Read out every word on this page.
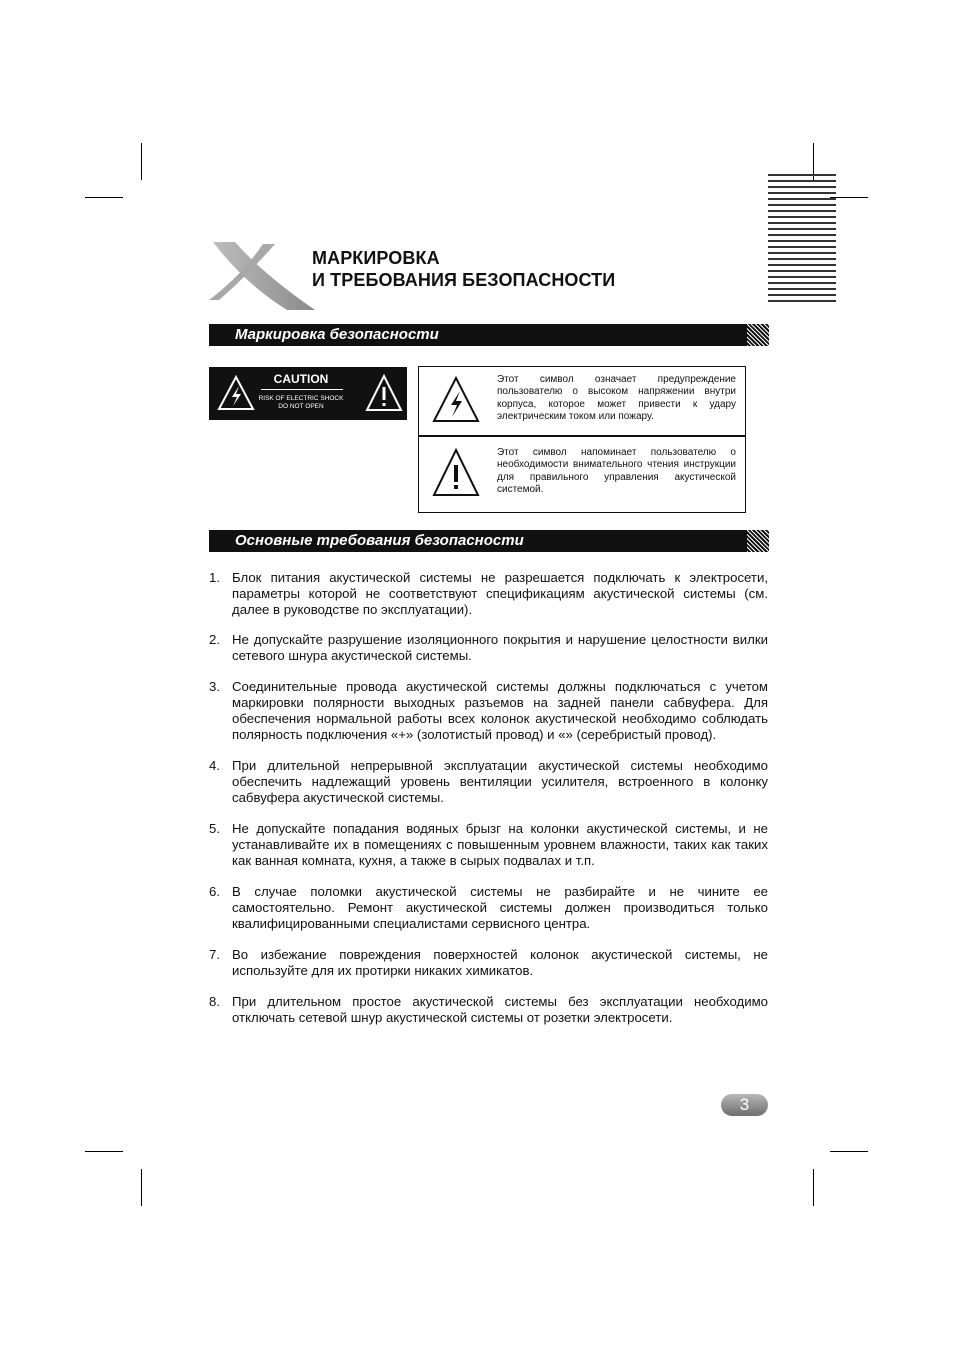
МАРКИРОВКА
И ТРЕБОВАНИЯ БЕЗОПАСНОСТИ
Маркировка безопасности
CAUTION
RISK OF ELECTRIC SHOCK
DO NOT OPEN
Этот символ означает предупреждение пользователю о высоком напряжении внутри корпуса, которое может привести к удару электрическим током или пожару.
Этот символ напоминает пользователю о необходимости внимательного чтения инструкции для правильного управления акустической системой.
Основные требования безопасности
1. Блок питания акустической системы не разрешается подключать к электросети, параметры которой не соответствуют спецификациям акустической системы (см. далее в руководстве по эксплуатации).
2. Не допускайте разрушение изоляционного покрытия и нарушение целостности вилки сетевого шнура акустической системы.
3. Соединительные провода акустической системы должны подключаться с учетом маркировки полярности выходных разъемов на задней панели сабвуфера. Для обеспечения нормальной работы всех колонок акустической необходимо соблюдать полярность подключения «+» (золотистый провод) и «» (серебристый провод).
4. При длительной непрерывной эксплуатации акустической системы необходимо обеспечить надлежащий уровень вентиляции усилителя, встроенного в колонку сабвуфера акустической системы.
5. Не допускайте попадания водяных брызг на колонки акустической системы, и не устанавливайте их в помещениях с повышенным уровнем влажности, таких как таких как ванная комната, кухня, а также в сырых подвалах и т.п.
6. В случае поломки акустической системы не разбирайте и не чините ее самостоятельно. Ремонт акустической системы должен производиться только квалифицированными специалистами сервисного центра.
7. Во избежание повреждения поверхностей колонок акустической системы, не используйте для их протирки никаких химикатов.
8. При длительном простое акустической системы без эксплуатации необходимо отключать сетевой шнур акустической системы от розетки электросети.
3
